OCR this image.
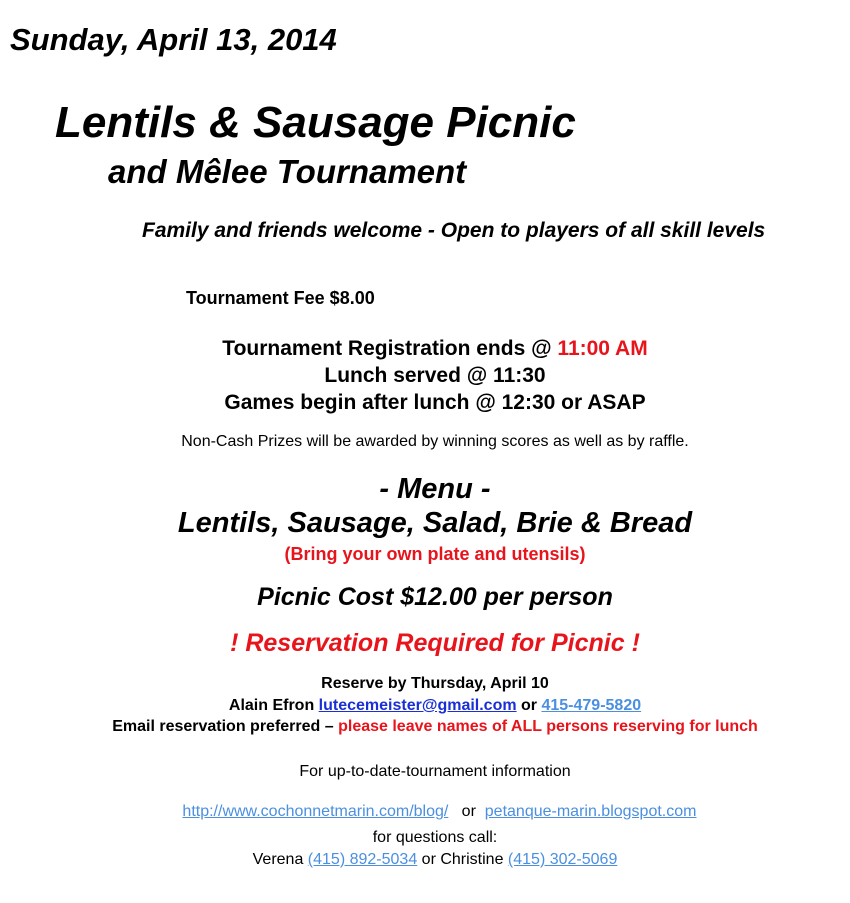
Sunday, April 13, 2014
Lentils & Sausage Picnic
and Mêlee Tournament
Family and friends welcome - Open to players of all skill levels
Tournament Fee $8.00
Tournament Registration ends @ 11:00 AM
Lunch served @ 11:30
Games begin after lunch @ 12:30 or ASAP
Non-Cash Prizes will be awarded by winning scores as well as by raffle.
- Menu -
Lentils, Sausage, Salad, Brie & Bread
(Bring your own plate and utensils)
Picnic Cost $12.00 per person
! Reservation Required for Picnic !
Reserve by Thursday, April 10
Alain Efron lutecemeister@gmail.com or 415-479-5820
Email reservation preferred – please leave names of ALL persons reserving for lunch
For up-to-date-tournament information

http://www.cochonnetmarin.com/blog/   or  petanque-marin.blogspot.com

for questions call:
Verena (415) 892-5034 or Christine (415) 302-5069
